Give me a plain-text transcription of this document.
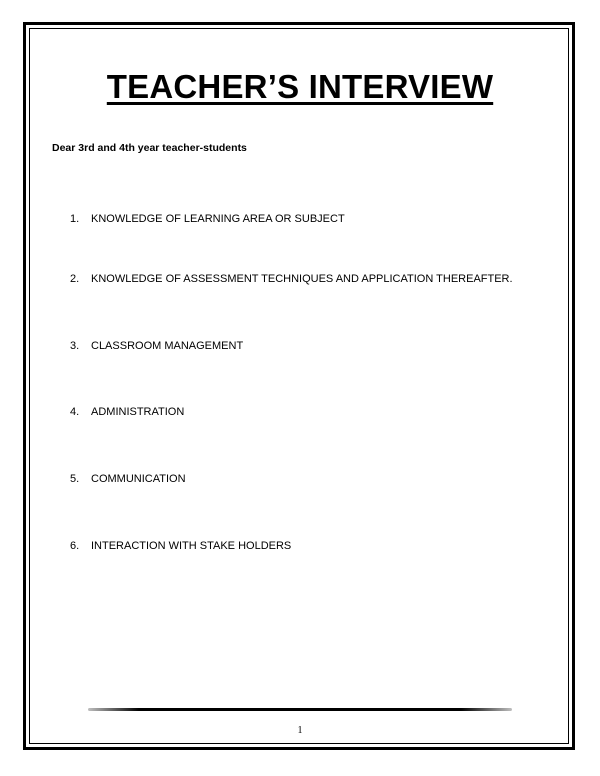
TEACHER’S INTERVIEW
Dear 3rd and 4th year teacher-students
1. KNOWLEDGE OF LEARNING AREA OR SUBJECT
2. KNOWLEDGE OF ASSESSMENT TECHNIQUES AND APPLICATION THEREAFTER.
3. CLASSROOM MANAGEMENT
4. ADMINISTRATION
5. COMMUNICATION
6. INTERACTION WITH STAKE HOLDERS
1
